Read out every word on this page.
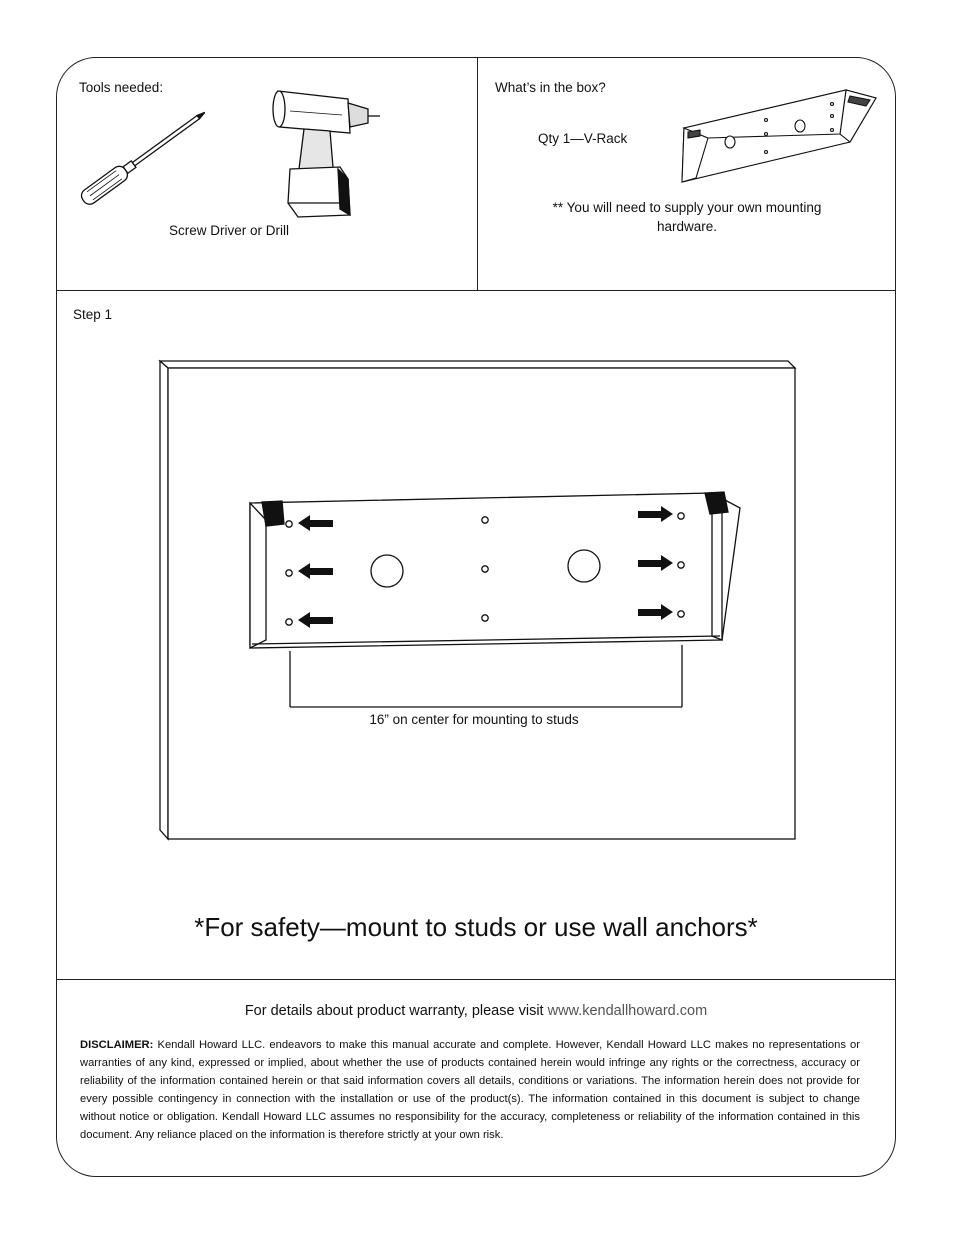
Tools needed:
Screw Driver or Drill
What’s in the box?
Qty 1—V-Rack
** You will need to supply your own mounting
hardware.
Step 1
16” on center for mounting to studs
*For safety—mount to studs or use wall anchors*
For details about product warranty, please visit www.kendallhoward.com
DISCLAIMER: Kendall Howard LLC. endeavors to make this manual accurate and complete. However, Kendall Howard LLC makes no representations or warranties of any kind, expressed or implied, about whether the use of products contained herein would infringe any rights or the correctness, accuracy or reliability of the information contained herein or that said information covers all details, conditions or variations. The information herein does not provide for every possible contingency in connection with the installation or use of the product(s). The information contained in this document is subject to change without notice or obligation. Kendall Howard LLC assumes no responsibility for the accuracy, completeness or reliability of the information contained in this document. Any reliance placed on the information is therefore strictly at your own risk.
